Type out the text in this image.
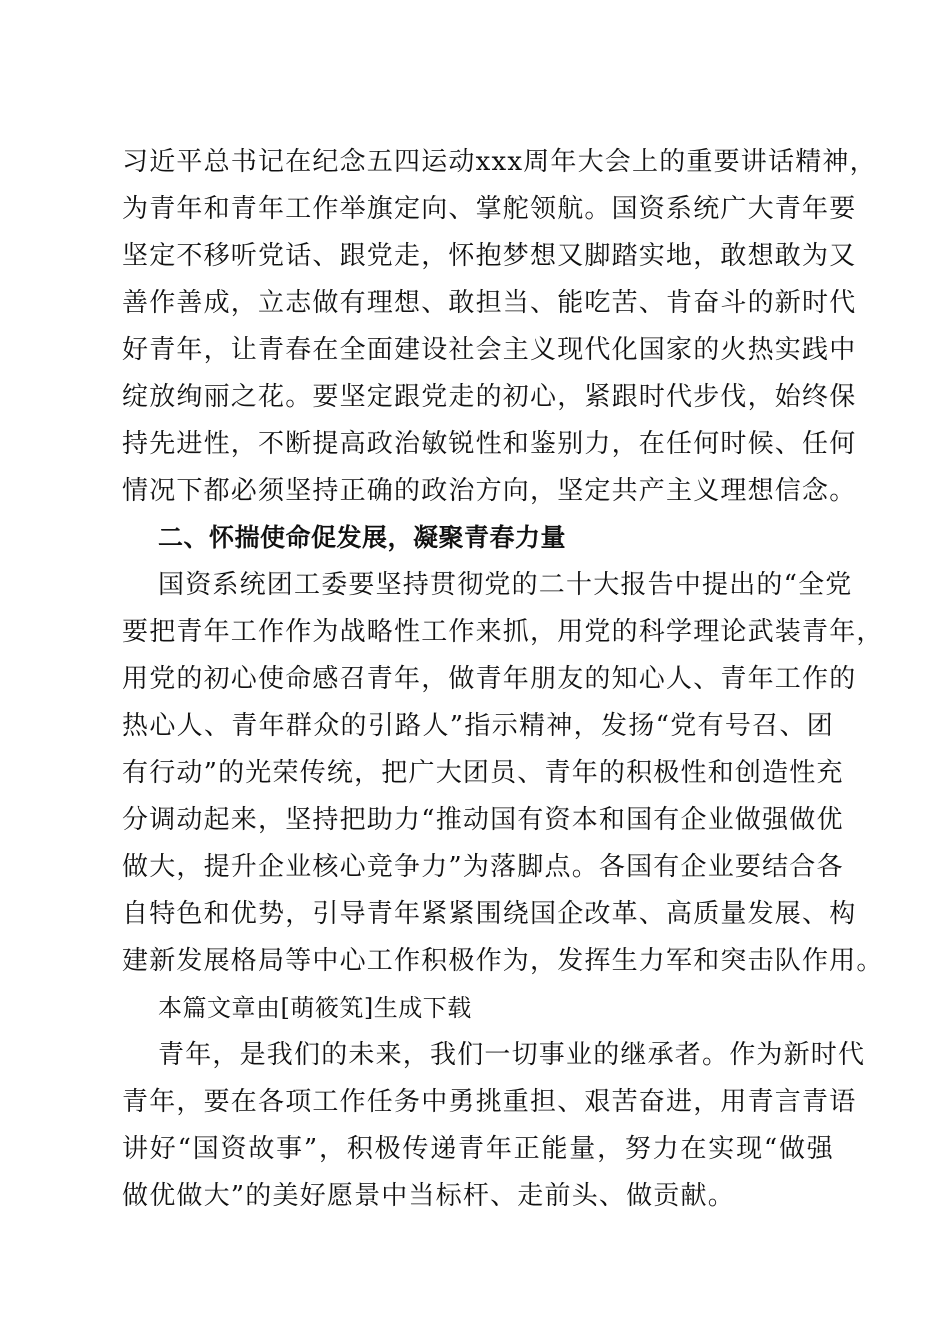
习近平总书记在纪念五四运动xxx周年大会上的重要讲话精神，
为青年和青年工作举旗定向、掌舵领航。国资系统广大青年要
坚定不移听党话、跟党走，怀抱梦想又脚踏实地，敢想敢为又
善作善成，立志做有理想、敢担当、能吃苦、肯奋斗的新时代
好青年，让青春在全面建设社会主义现代化国家的火热实践中
绽放绚丽之花。要坚定跟党走的初心，紧跟时代步伐，始终保
持先进性，不断提高政治敏锐性和鉴别力，在任何时候、任何
情况下都必须坚持正确的政治方向，坚定共产主义理想信念。
二、怀揣使命促发展，凝聚青春力量
国资系统团工委要坚持贯彻党的二十大报告中提出的“全党
要把青年工作作为战略性工作来抓，用党的科学理论武装青年，
用党的初心使命感召青年，做青年朋友的知心人、青年工作的
热心人、青年群众的引路人”指示精神，发扬“党有号召、团
有行动”的光荣传统，把广大团员、青年的积极性和创造性充
分调动起来，坚持把助力“推动国有资本和国有企业做强做优
做大，提升企业核心竞争力”为落脚点。各国有企业要结合各
自特色和优势，引导青年紧紧围绕国企改革、高质量发展、构
建新发展格局等中心工作积极作为，发挥生力军和突击队作用。
本篇文章由[萌筱笂]生成下载
青年，是我们的未来，我们一切事业的继承者。作为新时代
青年，要在各项工作任务中勇挑重担、艰苦奋进，用青言青语
讲好“国资故事”，积极传递青年正能量，努力在实现“做强
做优做大”的美好愿景中当标杆、走前头、做贡献。
